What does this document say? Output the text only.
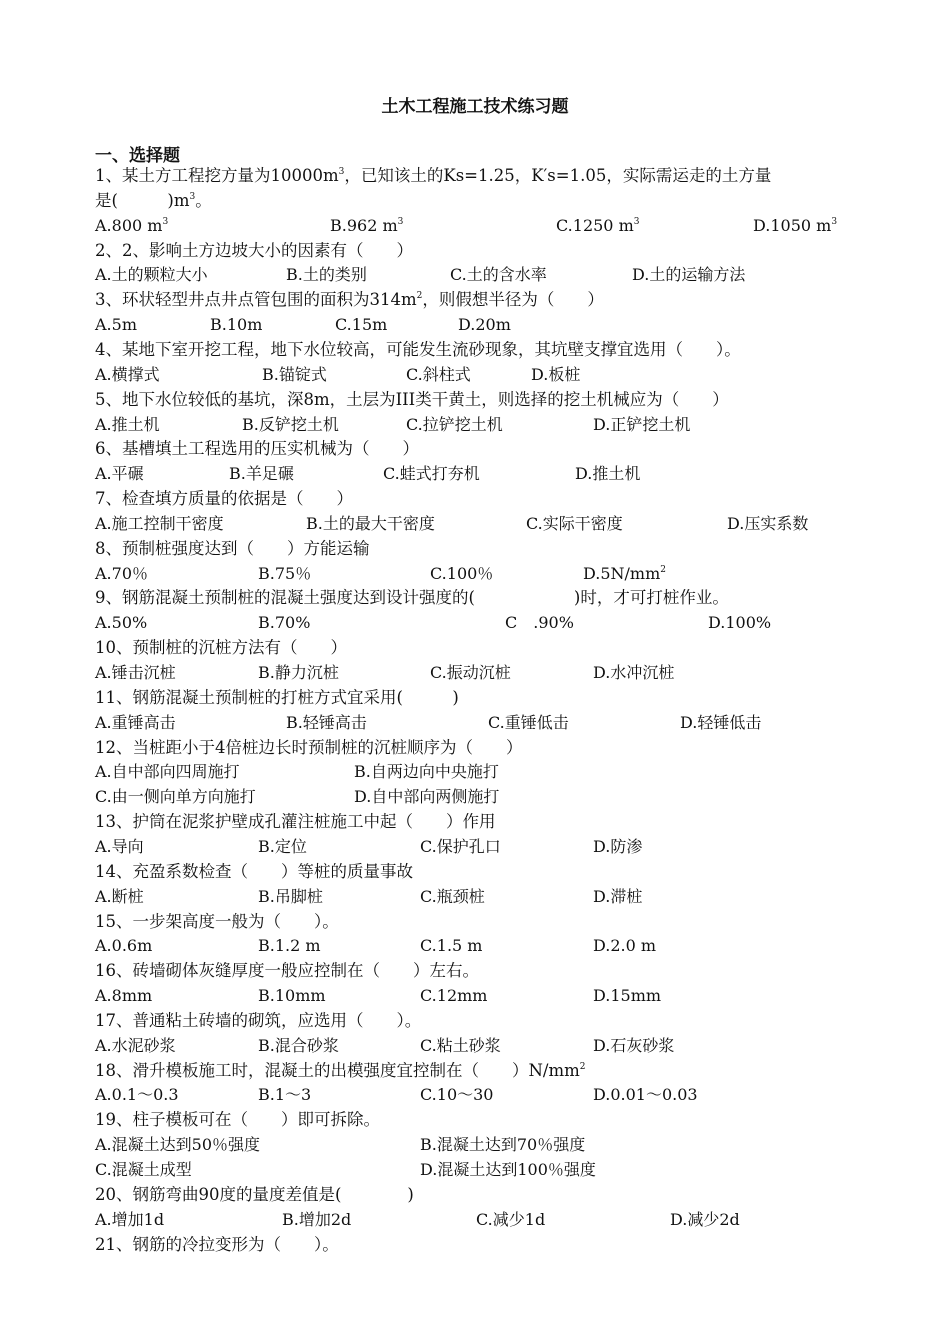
土木工程施工技术练习题
一、选择题
1、某土方工程挖方量为$10000m^3$，已知该土的Ks=1.25，K′s=1.05，实际需运走的土方量
是(　　　)$m^3$。
A.800 $m^3$	B.962 $m^3$	C.1250 $m^3$	D.1050 $m^3$
2、2、影响土方边坡大小的因素有（　　）
A.土的颗粒大小	B.土的类别	C.土的含水率	D.土的运输方法
3、环状轻型井点井点管包围的面积为$314m^2$，则假想半径为（　　）
A.5m	B.10m	C.15m	D.20m
4、某地下室开挖工程，地下水位较高，可能发生流砂现象，其坑壁支撑宜选用（　　）。
A.横撑式	B.锚锭式	C.斜柱式	D.板桩
5、地下水位较低的基坑，深8m，土层为III类干黄土，则选择的挖土机械应为（　　）
A.推土机	B.反铲挖土机	C.拉铲挖土机	D.正铲挖土机
6、基槽填土工程选用的压实机械为（　　）
A.平碾	B.羊足碾	C.蛙式打夯机	D.推土机
7、检查填方质量的依据是（　　）
A.施工控制干密度	B.土的最大干密度	C.实际干密度	D.压实系数
8、预制桩强度达到（　　）方能运输
A.70％	B.75％	C.100％	$D.5N/mm^2$
9、钢筋混凝土预制桩的混凝土强度达到设计强度的(　　　　　　)时，才可打桩作业。
A.50%	B.70%	C　.90%	D.100%
10、预制桩的沉桩方法有（　　）
A.锤击沉桩	B.静力沉桩	C.振动沉桩	D.水冲沉桩
11、钢筋混凝土预制桩的打桩方式宜采用(　　　)
A.重锤高击	B.轻锤高击	C.重锤低击	D.轻锤低击
12、当桩距小于4倍桩边长时预制桩的沉桩顺序为（　　）
A.自中部向四周施打	B.自两边向中央施打
C.由一侧向单方向施打	D.自中部向两侧施打
13、护筒在泥浆护壁成孔灌注桩施工中起（　　）作用
A.导向	B.定位	C.保护孔口	D.防渗
14、充盈系数检查（　　）等桩的质量事故
A.断桩	B.吊脚桩	C.瓶颈桩	D.滞桩
15、一步架高度一般为（　　）。
A.0.6m	B.1.2 m	C.1.5 m	D.2.0 m
16、砖墙砌体灰缝厚度一般应控制在（　　）左右。
A.8mm	B.10mm	C.12mm	D.15mm
17、普通粘土砖墙的砌筑，应选用（　　）。
A.水泥砂浆	B.混合砂浆	C.粘土砂浆	D.石灰砂浆
18、滑升模板施工时，混凝土的出模强度宜控制在（　　）$N/mm^2$
A.0.1～0.3	B.1～3	C.10～30	D.0.01～0.03
19、柱子模板可在（　　）即可拆除。
A.混凝土达到50％强度	B.混凝土达到70％强度
C.混凝土成型	D.混凝土达到100％强度
20、钢筋弯曲90度的量度差值是(　　　　)
A.增加1d	B.增加2d	C.减少1d	D.减少2d
21、钢筋的冷拉变形为（　　）。
